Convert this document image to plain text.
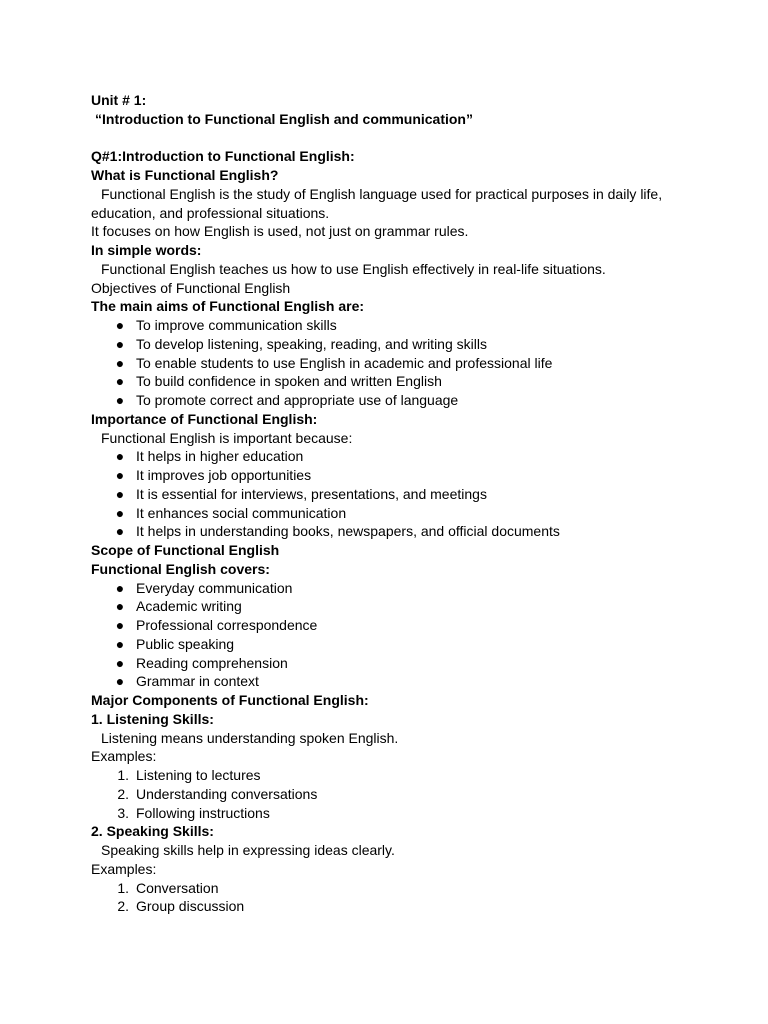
Unit # 1:
“Introduction to Functional English and communication”
Q#1:Introduction to Functional English:
What is Functional English?
Functional English is the study of English language used for practical purposes in daily life,
education, and professional situations.
It focuses on how English is used, not just on grammar rules.
In simple words:
Functional English teaches us how to use English effectively in real-life situations.
Objectives of Functional English
The main aims of Functional English are:
● To improve communication skills
● To develop listening, speaking, reading, and writing skills
● To enable students to use English in academic and professional life
● To build confidence in spoken and written English
● To promote correct and appropriate use of language
Importance of Functional English:
Functional English is important because:
● It helps in higher education
● It improves job opportunities
● It is essential for interviews, presentations, and meetings
● It enhances social communication
● It helps in understanding books, newspapers, and official documents
Scope of Functional English
Functional English covers:
● Everyday communication
● Academic writing
● Professional correspondence
● Public speaking
● Reading comprehension
● Grammar in context
Major Components of Functional English:
1. Listening Skills:
Listening means understanding spoken English.
Examples:
1. Listening to lectures
2. Understanding conversations
3. Following instructions
2. Speaking Skills:
Speaking skills help in expressing ideas clearly.
Examples:
1. Conversation
2. Group discussion
